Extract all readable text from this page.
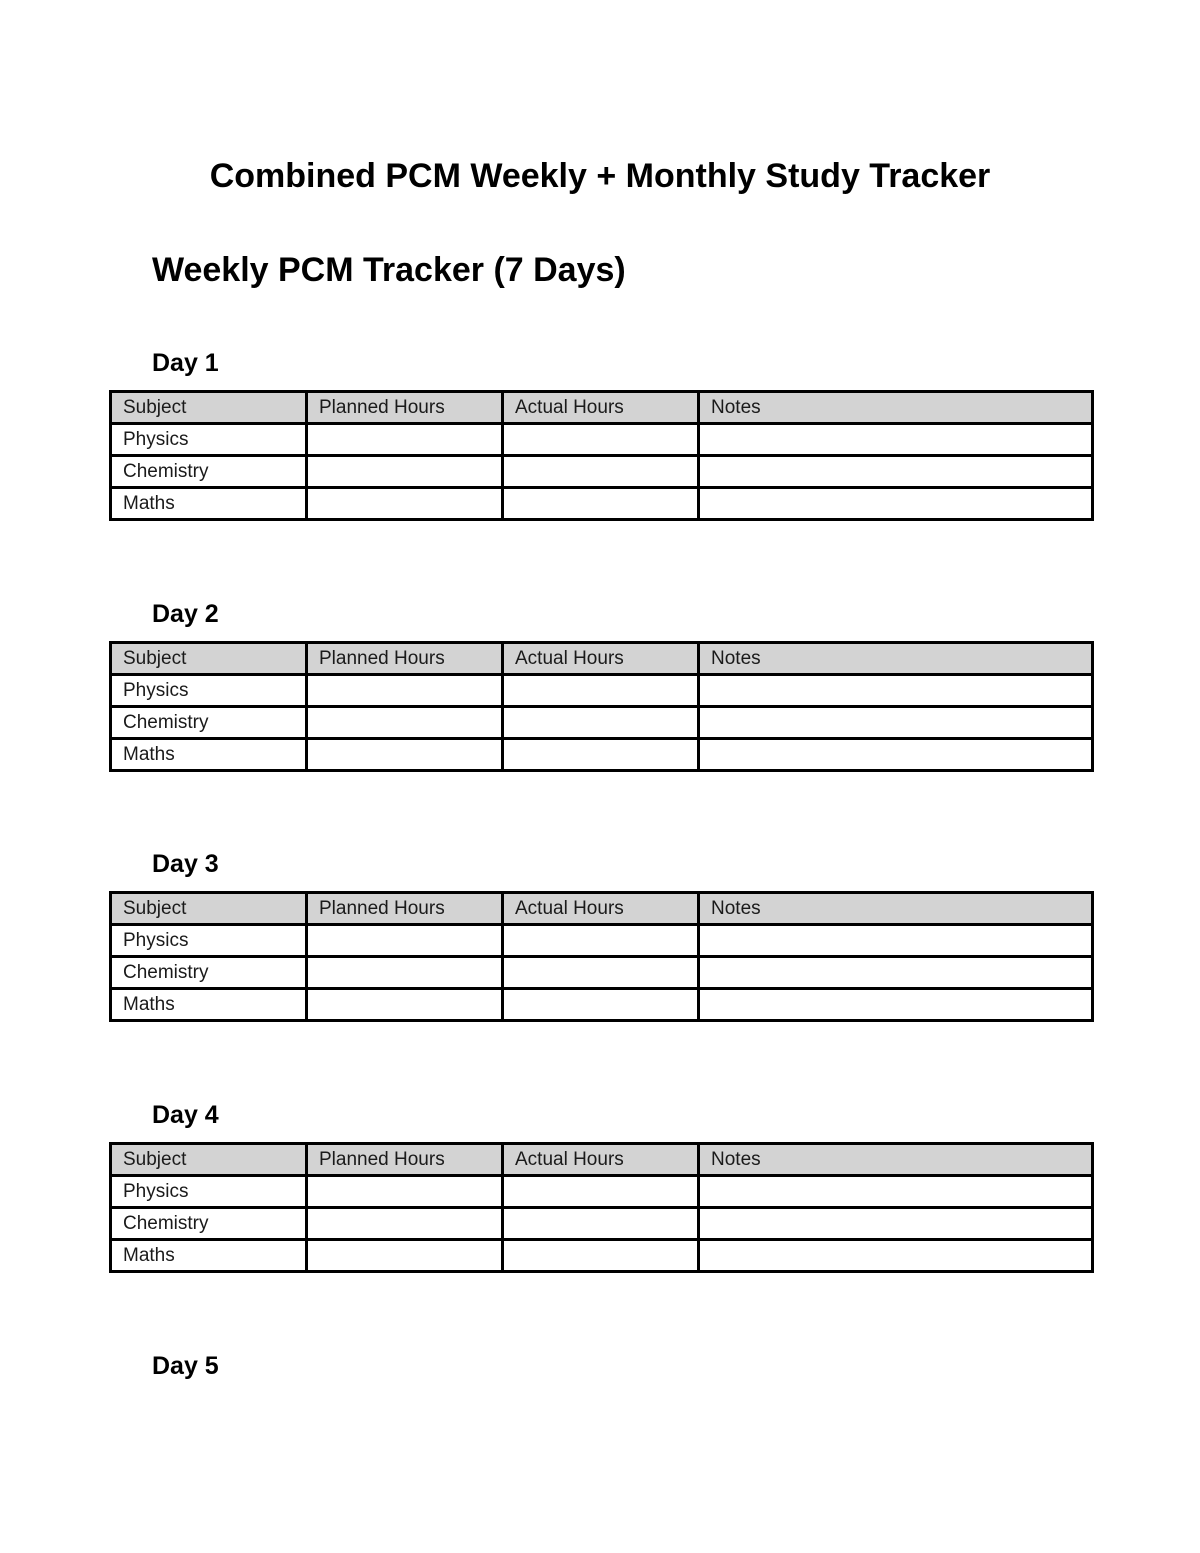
Combined PCM Weekly + Monthly Study Tracker
Weekly PCM Tracker (7 Days)
Day 1
Subject	Planned Hours	Actual Hours	Notes
Physics			
Chemistry			
Maths			
Day 2
Subject	Planned Hours	Actual Hours	Notes
Physics			
Chemistry			
Maths			
Day 3
Subject	Planned Hours	Actual Hours	Notes
Physics			
Chemistry			
Maths			
Day 4
Subject	Planned Hours	Actual Hours	Notes
Physics			
Chemistry			
Maths			
Day 5
